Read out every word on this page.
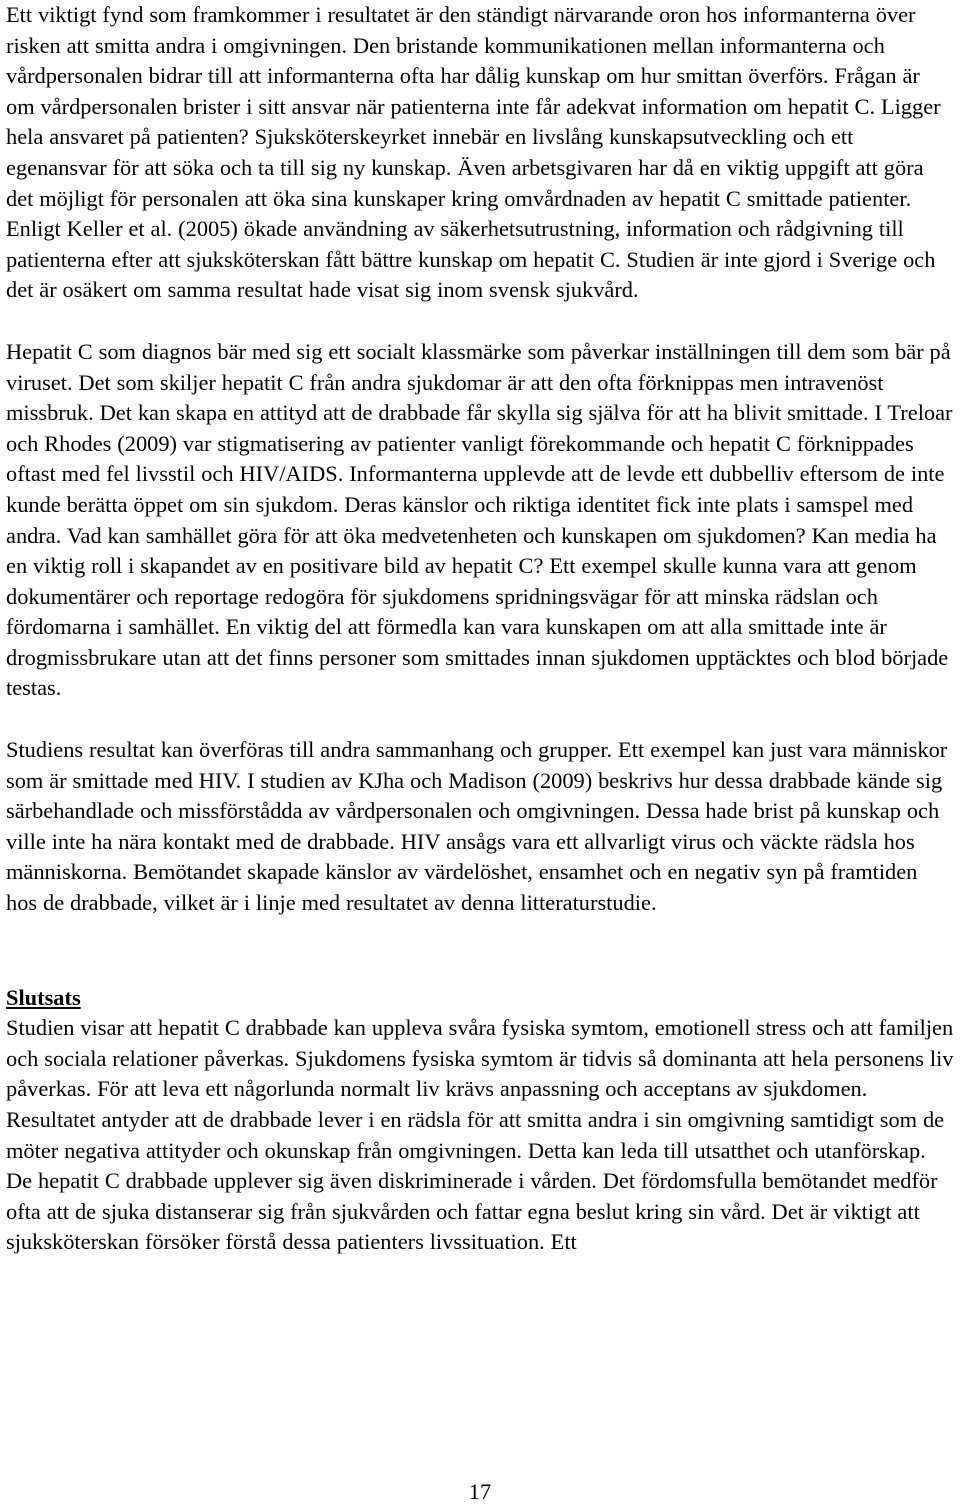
Ett viktigt fynd som framkommer i resultatet är den ständigt närvarande oron hos informanterna över risken att smitta andra i omgivningen. Den bristande kommunikationen mellan informanterna och vårdpersonalen bidrar till att informanterna ofta har dålig kunskap om hur smittan överförs. Frågan är om vårdpersonalen brister i sitt ansvar när patienterna inte får adekvat information om hepatit C. Ligger hela ansvaret på patienten? Sjuksköterskeyrket innebär en livslång kunskapsutveckling och ett egenansvar för att söka och ta till sig ny kunskap. Även arbetsgivaren har då en viktig uppgift att göra det möjligt för personalen att öka sina kunskaper kring omvårdnaden av hepatit C smittade patienter. Enligt Keller et al. (2005) ökade användning av säkerhetsutrustning, information och rådgivning till patienterna efter att sjuksköterskan fått bättre kunskap om hepatit C. Studien är inte gjord i Sverige och det är osäkert om samma resultat hade visat sig inom svensk sjukvård.

Hepatit C som diagnos bär med sig ett socialt klassmärke som påverkar inställningen till dem som bär på viruset. Det som skiljer hepatit C från andra sjukdomar är att den ofta förknippas men intravenöst missbruk. Det kan skapa en attityd att de drabbade får skylla sig själva för att ha blivit smittade. I Treloar och Rhodes (2009) var stigmatisering av patienter vanligt förekommande och hepatit C förknippades oftast med fel livsstil och HIV/AIDS. Informanterna upplevde att de levde ett dubbelliv eftersom de inte kunde berätta öppet om sin sjukdom. Deras känslor och riktiga identitet fick inte plats i samspel med andra. Vad kan samhället göra för att öka medvetenheten och kunskapen om sjukdomen? Kan media ha en viktig roll i skapandet av en positivare bild av hepatit C? Ett exempel skulle kunna vara att genom dokumentärer och reportage redogöra för sjukdomens spridningsvägar för att minska rädslan och fördomarna i samhället. En viktig del att förmedla kan vara kunskapen om att alla smittade inte är drogmissbrukare utan att det finns personer som smittades innan sjukdomen upptäcktes och blod började testas.

Studiens resultat kan överföras till andra sammanhang och grupper. Ett exempel kan just vara människor som är smittade med HIV. I studien av KJha och Madison (2009) beskrivs hur dessa drabbade kände sig särbehandlade och missförstådda av vårdpersonalen och omgivningen. Dessa hade brist på kunskap och ville inte ha nära kontakt med de drabbade. HIV ansågs vara ett allvarligt virus och väckte rädsla hos människorna. Bemötandet skapade känslor av värdelöshet, ensamhet och en negativ syn på framtiden hos de drabbade, vilket är i linje med resultatet av denna litteraturstudie.

Slutsats

Studien visar att hepatit C drabbade kan uppleva svåra fysiska symtom, emotionell stress och att familjen och sociala relationer påverkas. Sjukdomens fysiska symtom är tidvis så dominanta att hela personens liv påverkas. För att leva ett någorlunda normalt liv krävs anpassning och acceptans av sjukdomen. Resultatet antyder att de drabbade lever i en rädsla för att smitta andra i sin omgivning samtidigt som de möter negativa attityder och okunskap från omgivningen. Detta kan leda till utsatthet och utanförskap. De hepatit C drabbade upplever sig även diskriminerade i vården. Det fördomsfulla bemötandet medför ofta att de sjuka distanserar sig från sjukvården och fattar egna beslut kring sin vård. Det är viktigt att sjuksköterskan försöker förstå dessa patienters livssituation. Ett

17
